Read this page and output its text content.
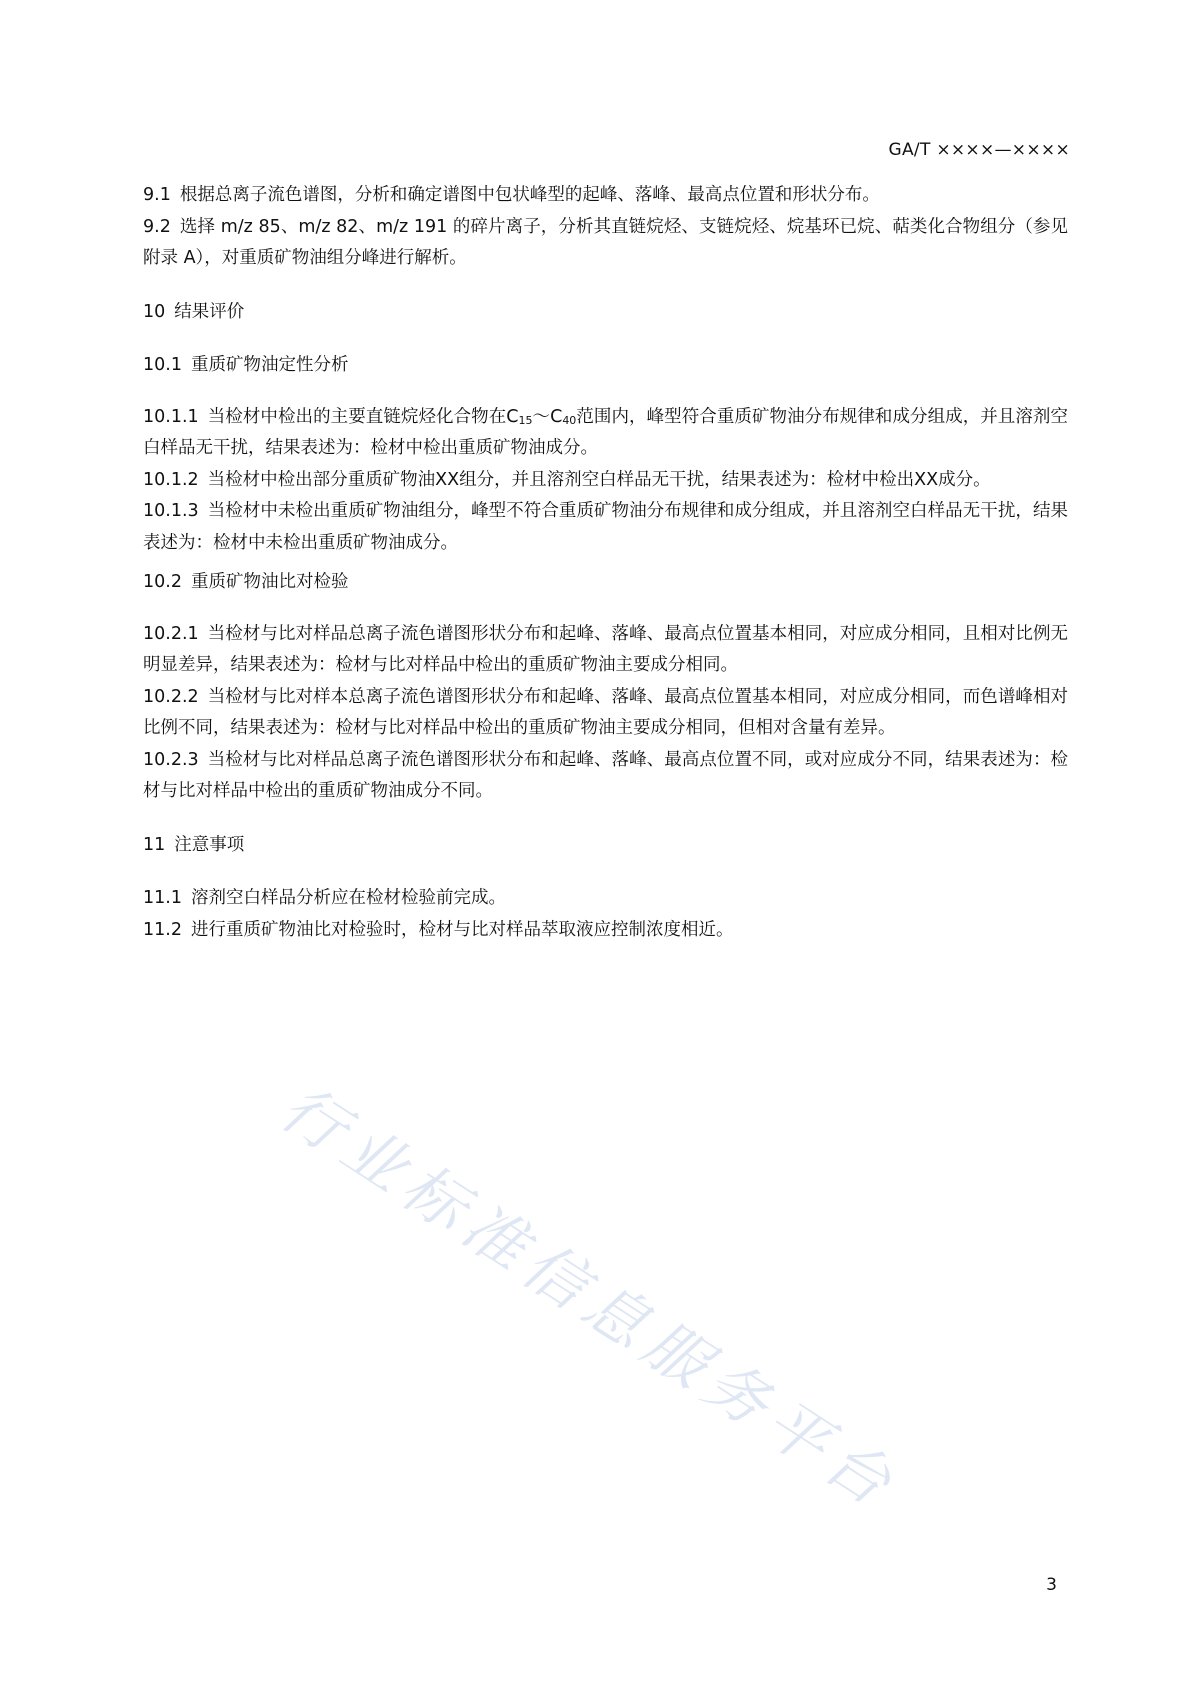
GA/T ××××—××××

9.1 根据总离子流色谱图，分析和确定谱图中包状峰型的起峰、落峰、最高点位置和形状分布。

9.2 选择 m/z 85、m/z 82、m/z 191 的碎片离子，分析其直链烷烃、支链烷烃、烷基环已烷、萜类化合物组分（参见附录 A），对重质矿物油组分峰进行解析。

10 结果评价
10.1 重质矿物油定性分析

10.1.1 当检材中检出的主要直链烷烃化合物在$C_{15}\sim C_{40}$范围内，峰型符合重质矿物油分布规律和成分组成，并且溶剂空白样品无干扰，结果表述为：检材中检出重质矿物油成分。

10.1.2 当检材中检出部分重质矿物油XX组分，并且溶剂空白样品无干扰，结果表述为：检材中检出XX成分。

10.1.3 当检材中未检出重质矿物油组分，峰型不符合重质矿物油分布规律和成分组成，并且溶剂空白样品无干扰，结果表述为：检材中未检出重质矿物油成分。

10.2 重质矿物油比对检验

10.2.1 当检材与比对样品总离子流色谱图形状分布和起峰、落峰、最高点位置基本相同，对应成分相同，且相对比例无明显差异，结果表述为：检材与比对样品中检出的重质矿物油主要成分相同。

10.2.2 当检材与比对样本总离子流色谱图形状分布和起峰、落峰、最高点位置基本相同，对应成分相同，而色谱峰相对比例不同，结果表述为：检材与比对样品中检出的重质矿物油主要成分相同，但相对含量有差异。

10.2.3 当检材与比对样品总离子流色谱图形状分布和起峰、落峰、最高点位置不同，或对应成分不同，结果表述为：检材与比对样品中检出的重质矿物油成分不同。

11 注意事项

11.1 溶剂空白样品分析应在检材检验前完成。

11.2 进行重质矿物油比对检验时，检材与比对样品萃取液应控制浓度相近。

行业标准信息服务平台
3
